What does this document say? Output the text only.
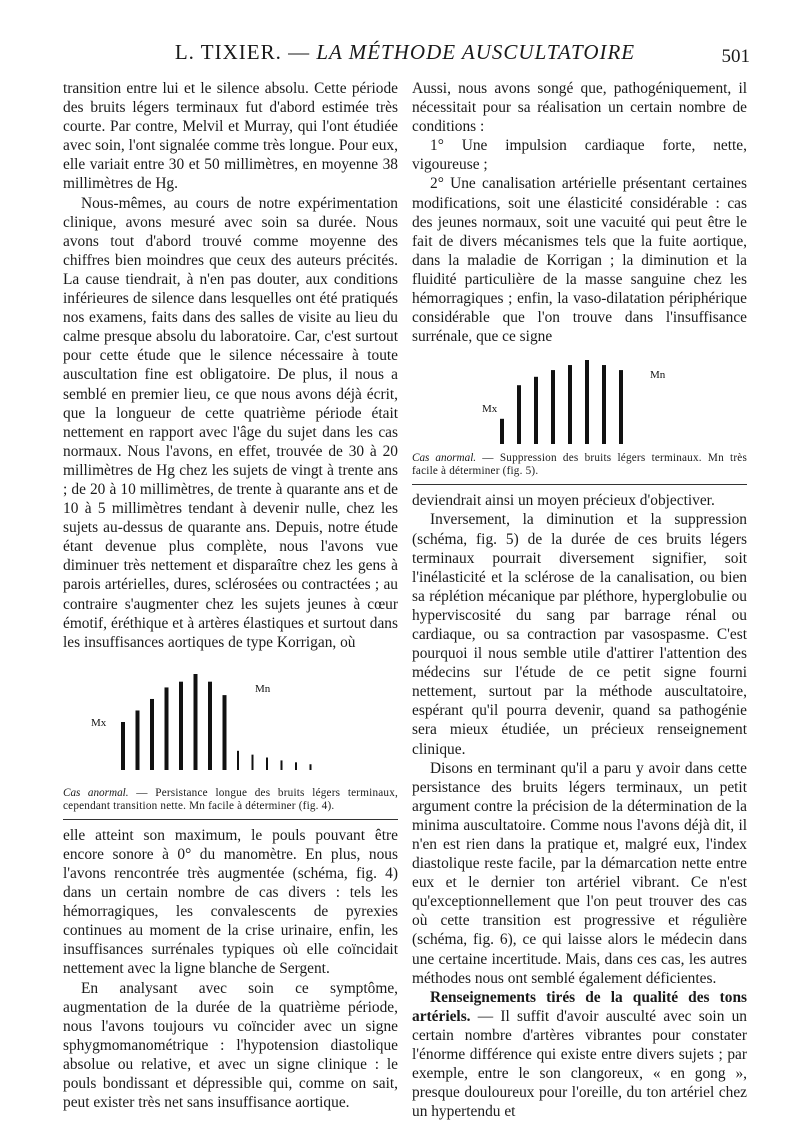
L. TIXIER. — LA MÉTHODE AUSCULTATOIRE	501

transition entre lui et le silence absolu. Cette période des bruits légers terminaux fut d'abord estimée très courte. Par contre, Melvil et Murray, qui l'ont étudiée avec soin, l'ont signalée comme très longue. Pour eux, elle variait entre 30 et 50 millimètres, en moyenne 38 millimètres de Hg.

Nous-mêmes, au cours de notre expérimentation clinique, avons mesuré avec soin sa durée. Nous avons tout d'abord trouvé comme moyenne des chiffres bien moindres que ceux des auteurs précités. La cause tiendrait, à n'en pas douter, aux conditions inférieures de silence dans lesquelles ont été pratiqués nos examens, faits dans des salles de visite au lieu du calme presque absolu du laboratoire. Car, c'est surtout pour cette étude que le silence nécessaire à toute auscultation fine est obligatoire. De plus, il nous a semblé en premier lieu, ce que nous avons déjà écrit, que la longueur de cette quatrième période était nettement en rapport avec l'âge du sujet dans les cas normaux. Nous l'avons, en effet, trouvée de 30 à 20 millimètres de Hg chez les sujets de vingt à trente ans ; de 20 à 10 millimètres, de trente à quarante ans et de 10 à 5 millimètres tendant à devenir nulle, chez les sujets au-dessus de quarante ans. Depuis, notre étude étant devenue plus complète, nous l'avons vue diminuer très nettement et disparaître chez les gens à parois artérielles, dures, sclérosées ou contractées ; au contraire s'augmenter chez les sujets jeunes à cœur émotif, éréthique et à artères élastiques et surtout dans les insuffisances aortiques de type Korrigan, où

Mx
Mn
Cas anormal. — Persistance longue des bruits légers terminaux, cependant transition nette. Mn facile à déterminer (fig. 4).

elle atteint son maximum, le pouls pouvant être encore sonore à 0° du manomètre. En plus, nous l'avons rencontrée très augmentée (schéma, fig. 4) dans un certain nombre de cas divers : tels les hémorragiques, les convalescents de pyrexies continues au moment de la crise urinaire, enfin, les insuffisances surrénales typiques où elle coïncidait nettement avec la ligne blanche de Sergent.

En analysant avec soin ce symptôme, augmentation de la durée de la quatrième période, nous l'avons toujours vu coïncider avec un signe sphygmomanométrique : l'hypotension diastolique absolue ou relative, et avec un signe clinique : le pouls bondissant et dépressible qui, comme on sait, peut exister très net sans insuffisance aortique.

Aussi, nous avons songé que, pathogéniquement, il nécessitait pour sa réalisation un certain nombre de conditions :

1° Une impulsion cardiaque forte, nette, vigoureuse ;

2° Une canalisation artérielle présentant certaines modifications, soit une élasticité considérable : cas des jeunes normaux, soit une vacuité qui peut être le fait de divers mécanismes tels que la fuite aortique, dans la maladie de Korrigan ; la diminution et la fluidité particulière de la masse sanguine chez les hémorragiques ; enfin, la vaso-dilatation périphérique considérable que l'on trouve dans l'insuffisance surrénale, que ce signe

Mx
Mn
Cas anormal. — Suppression des bruits légers terminaux. Mn très facile à déterminer (fig. 5).

deviendrait ainsi un moyen précieux d'objectiver.

Inversement, la diminution et la suppression (schéma, fig. 5) de la durée de ces bruits légers terminaux pourrait diversement signifier, soit l'inélasticité et la sclérose de la canalisation, ou bien sa réplétion mécanique par pléthore, hyperglobulie ou hyperviscosité du sang par barrage rénal ou cardiaque, ou sa contraction par vasospasme. C'est pourquoi il nous semble utile d'attirer l'attention des médecins sur l'étude de ce petit signe fourni nettement, surtout par la méthode auscultatoire, espérant qu'il pourra devenir, quand sa pathogénie sera mieux étudiée, un précieux renseignement clinique.

Disons en terminant qu'il a paru y avoir dans cette persistance des bruits légers terminaux, un petit argument contre la précision de la détermination de la minima auscultatoire. Comme nous l'avons déjà dit, il n'en est rien dans la pratique et, malgré eux, l'index diastolique reste facile, par la démarcation nette entre eux et le dernier ton artériel vibrant. Ce n'est qu'exceptionnellement que l'on peut trouver des cas où cette transition est progressive et régulière (schéma, fig. 6), ce qui laisse alors le médecin dans une certaine incertitude. Mais, dans ces cas, les autres méthodes nous ont semblé également déficientes.

Renseignements tirés de la qualité des tons artériels. — Il suffit d'avoir ausculté avec soin un certain nombre d'artères vibrantes pour constater l'énorme différence qui existe entre divers sujets ; par exemple, entre le son clangoreux, « en gong », presque douloureux pour l'oreille, du ton artériel chez un hypertendu et
